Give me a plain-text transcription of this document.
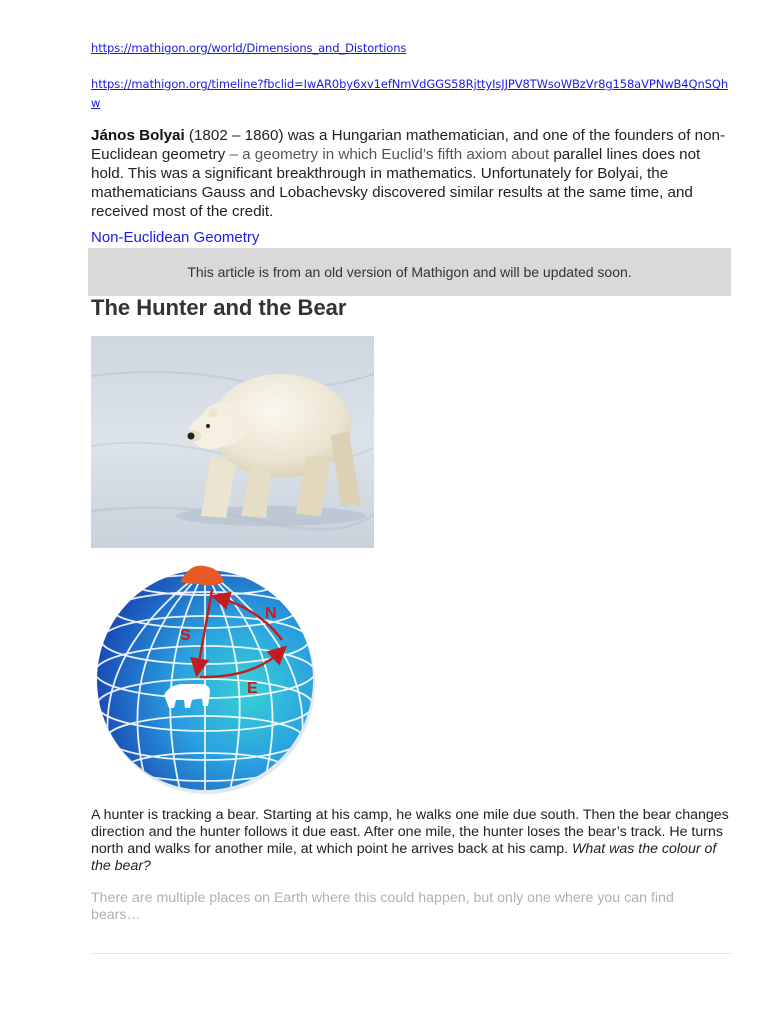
https://mathigon.org/world/Dimensions_and_Distortions
https://mathigon.org/timeline?fbclid=IwAR0by6xv1efNmVdGGS58RjttyIsJJPV8TWsoWBzVr8g158aVPNwB4QnSQhw

János Bolyai (1802 – 1860) was a Hungarian mathematician, and one of the founders of non-Euclidean geometry – a geometry in which Euclid’s fifth axiom about parallel lines does not hold. This was a significant breakthrough in mathematics. Unfortunately for Bolyai, the mathematicians Gauss and Lobachevsky discovered similar results at the same time, and received most of the credit.

Non-Euclidean Geometry
This article is from an old version of Mathigon and will be updated soon.
The Hunter and the Bear
S
E
N

A hunter is tracking a bear. Starting at his camp, he walks one mile due south. Then the bear changes direction and the hunter follows it due east. After one mile, the hunter loses the bear’s track. He turns north and walks for another mile, at which point he arrives back at his camp. What was the colour of the bear?

There are multiple places on Earth where this could happen, but only one where you can find bears…
